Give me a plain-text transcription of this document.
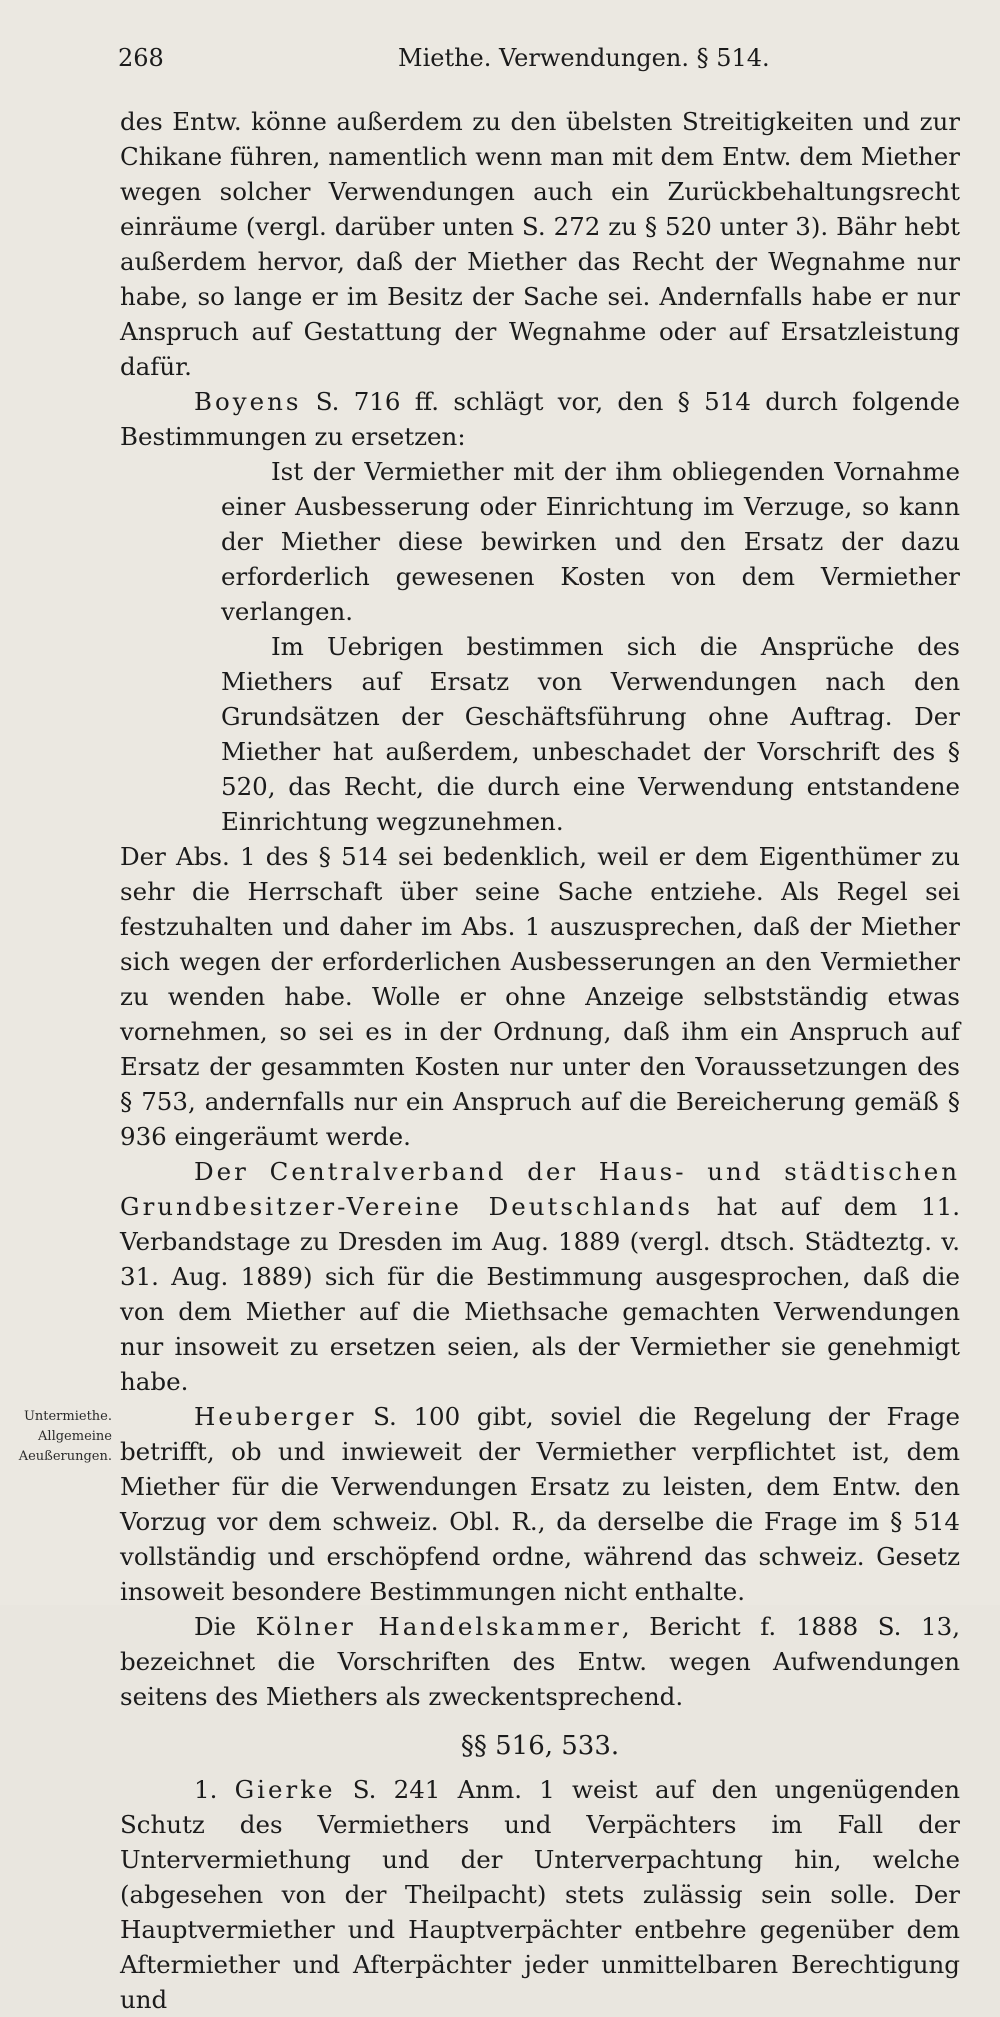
268	Miethe. Verwendungen. § 514.
Untermiethe.
Allgemeine
Aeußerungen.

des Entw. könne außerdem zu den übelsten Streitigkeiten und zur Chikane führen, namentlich wenn man mit dem Entw. dem Miether wegen solcher Verwendungen auch ein Zurückbehaltungsrecht einräume (vergl. darüber unten S. 272 zu § 520 unter 3). Bähr hebt außerdem hervor, daß der Miether das Recht der Wegnahme nur habe, so lange er im Besitz der Sache sei. Andernfalls habe er nur Anspruch auf Gestattung der Wegnahme oder auf Ersatzleistung dafür.

Boyens S. 716 ff. schlägt vor, den § 514 durch folgende Bestimmungen zu ersetzen:

Ist der Vermiether mit der ihm obliegenden Vornahme einer Ausbesserung oder Einrichtung im Verzuge, so kann der Miether diese bewirken und den Ersatz der dazu erforderlich gewesenen Kosten von dem Vermiether verlangen.

Im Uebrigen bestimmen sich die Ansprüche des Miethers auf Ersatz von Verwendungen nach den Grundsätzen der Geschäftsführung ohne Auftrag. Der Miether hat außerdem, unbeschadet der Vorschrift des § 520, das Recht, die durch eine Verwendung entstandene Einrichtung wegzunehmen.

Der Abs. 1 des § 514 sei bedenklich, weil er dem Eigenthümer zu sehr die Herrschaft über seine Sache entziehe. Als Regel sei festzuhalten und daher im Abs. 1 auszusprechen, daß der Miether sich wegen der erforderlichen Ausbesserungen an den Vermiether zu wenden habe. Wolle er ohne Anzeige selbstständig etwas vornehmen, so sei es in der Ordnung, daß ihm ein Anspruch auf Ersatz der gesammten Kosten nur unter den Voraussetzungen des § 753, andernfalls nur ein Anspruch auf die Bereicherung gemäß § 936 eingeräumt werde.

Der Centralverband der Haus- und städtischen Grundbesitzer-Vereine Deutschlands hat auf dem 11. Verbandstage zu Dresden im Aug. 1889 (vergl. dtsch. Städteztg. v. 31. Aug. 1889) sich für die Bestimmung ausgesprochen, daß die von dem Miether auf die Miethsache gemachten Verwendungen nur insoweit zu ersetzen seien, als der Vermiether sie genehmigt habe.

Heuberger S. 100 gibt, soviel die Regelung der Frage betrifft, ob und inwieweit der Vermiether verpflichtet ist, dem Miether für die Verwendungen Ersatz zu leisten, dem Entw. den Vorzug vor dem schweiz. Obl. R., da derselbe die Frage im § 514 vollständig und erschöpfend ordne, während das schweiz. Gesetz insoweit besondere Bestimmungen nicht enthalte.

Die Kölner Handelskammer, Bericht f. 1888 S. 13, bezeichnet die Vorschriften des Entw. wegen Aufwendungen seitens des Miethers als zweckentsprechend.

§§ 516, 533.

1. Gierke S. 241 Anm. 1 weist auf den ungenügenden Schutz des Vermiethers und Verpächters im Fall der Untervermiethung und der Unterverpachtung hin, welche (abgesehen von der Theilpacht) stets zulässig sein solle. Der Hauptvermiether und Hauptverpächter entbehre gegenüber dem Aftermiether und Afterpächter jeder unmittelbaren Berechtigung und
